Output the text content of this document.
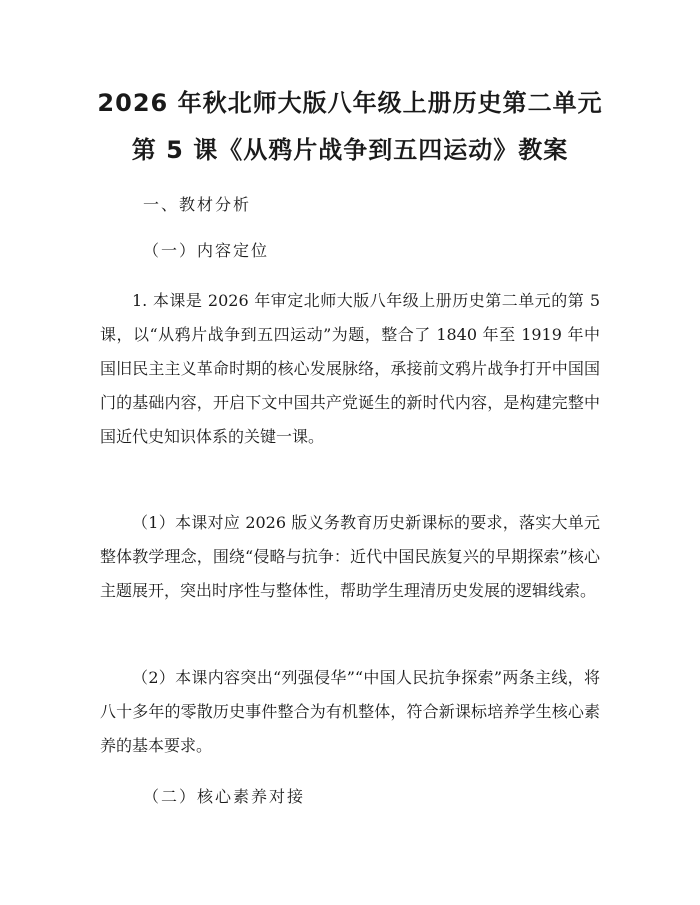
2026 年秋北师大版八年级上册历史第二单元
第 5 课《从鸦片战争到五四运动》教案
一、教材分析
（一）内容定位

1. 本课是 2026 年审定北师大版八年级上册历史第二单元的第 5 课，以“从鸦片战争到五四运动”为题，整合了 1840 年至 1919 年中国旧民主主义革命时期的核心发展脉络，承接前文鸦片战争打开中国国门的基础内容，开启下文中国共产党诞生的新时代内容，是构建完整中国近代史知识体系的关键一课。

（1）本课对应 2026 版义务教育历史新课标的要求，落实大单元整体教学理念，围绕“侵略与抗争：近代中国民族复兴的早期探索”核心主题展开，突出时序性与整体性，帮助学生理清历史发展的逻辑线索。

（2）本课内容突出“列强侵华”“中国人民抗争探索”两条主线，将八十多年的零散历史事件整合为有机整体，符合新课标培养学生核心素养的基本要求。

（二）核心素养对接
